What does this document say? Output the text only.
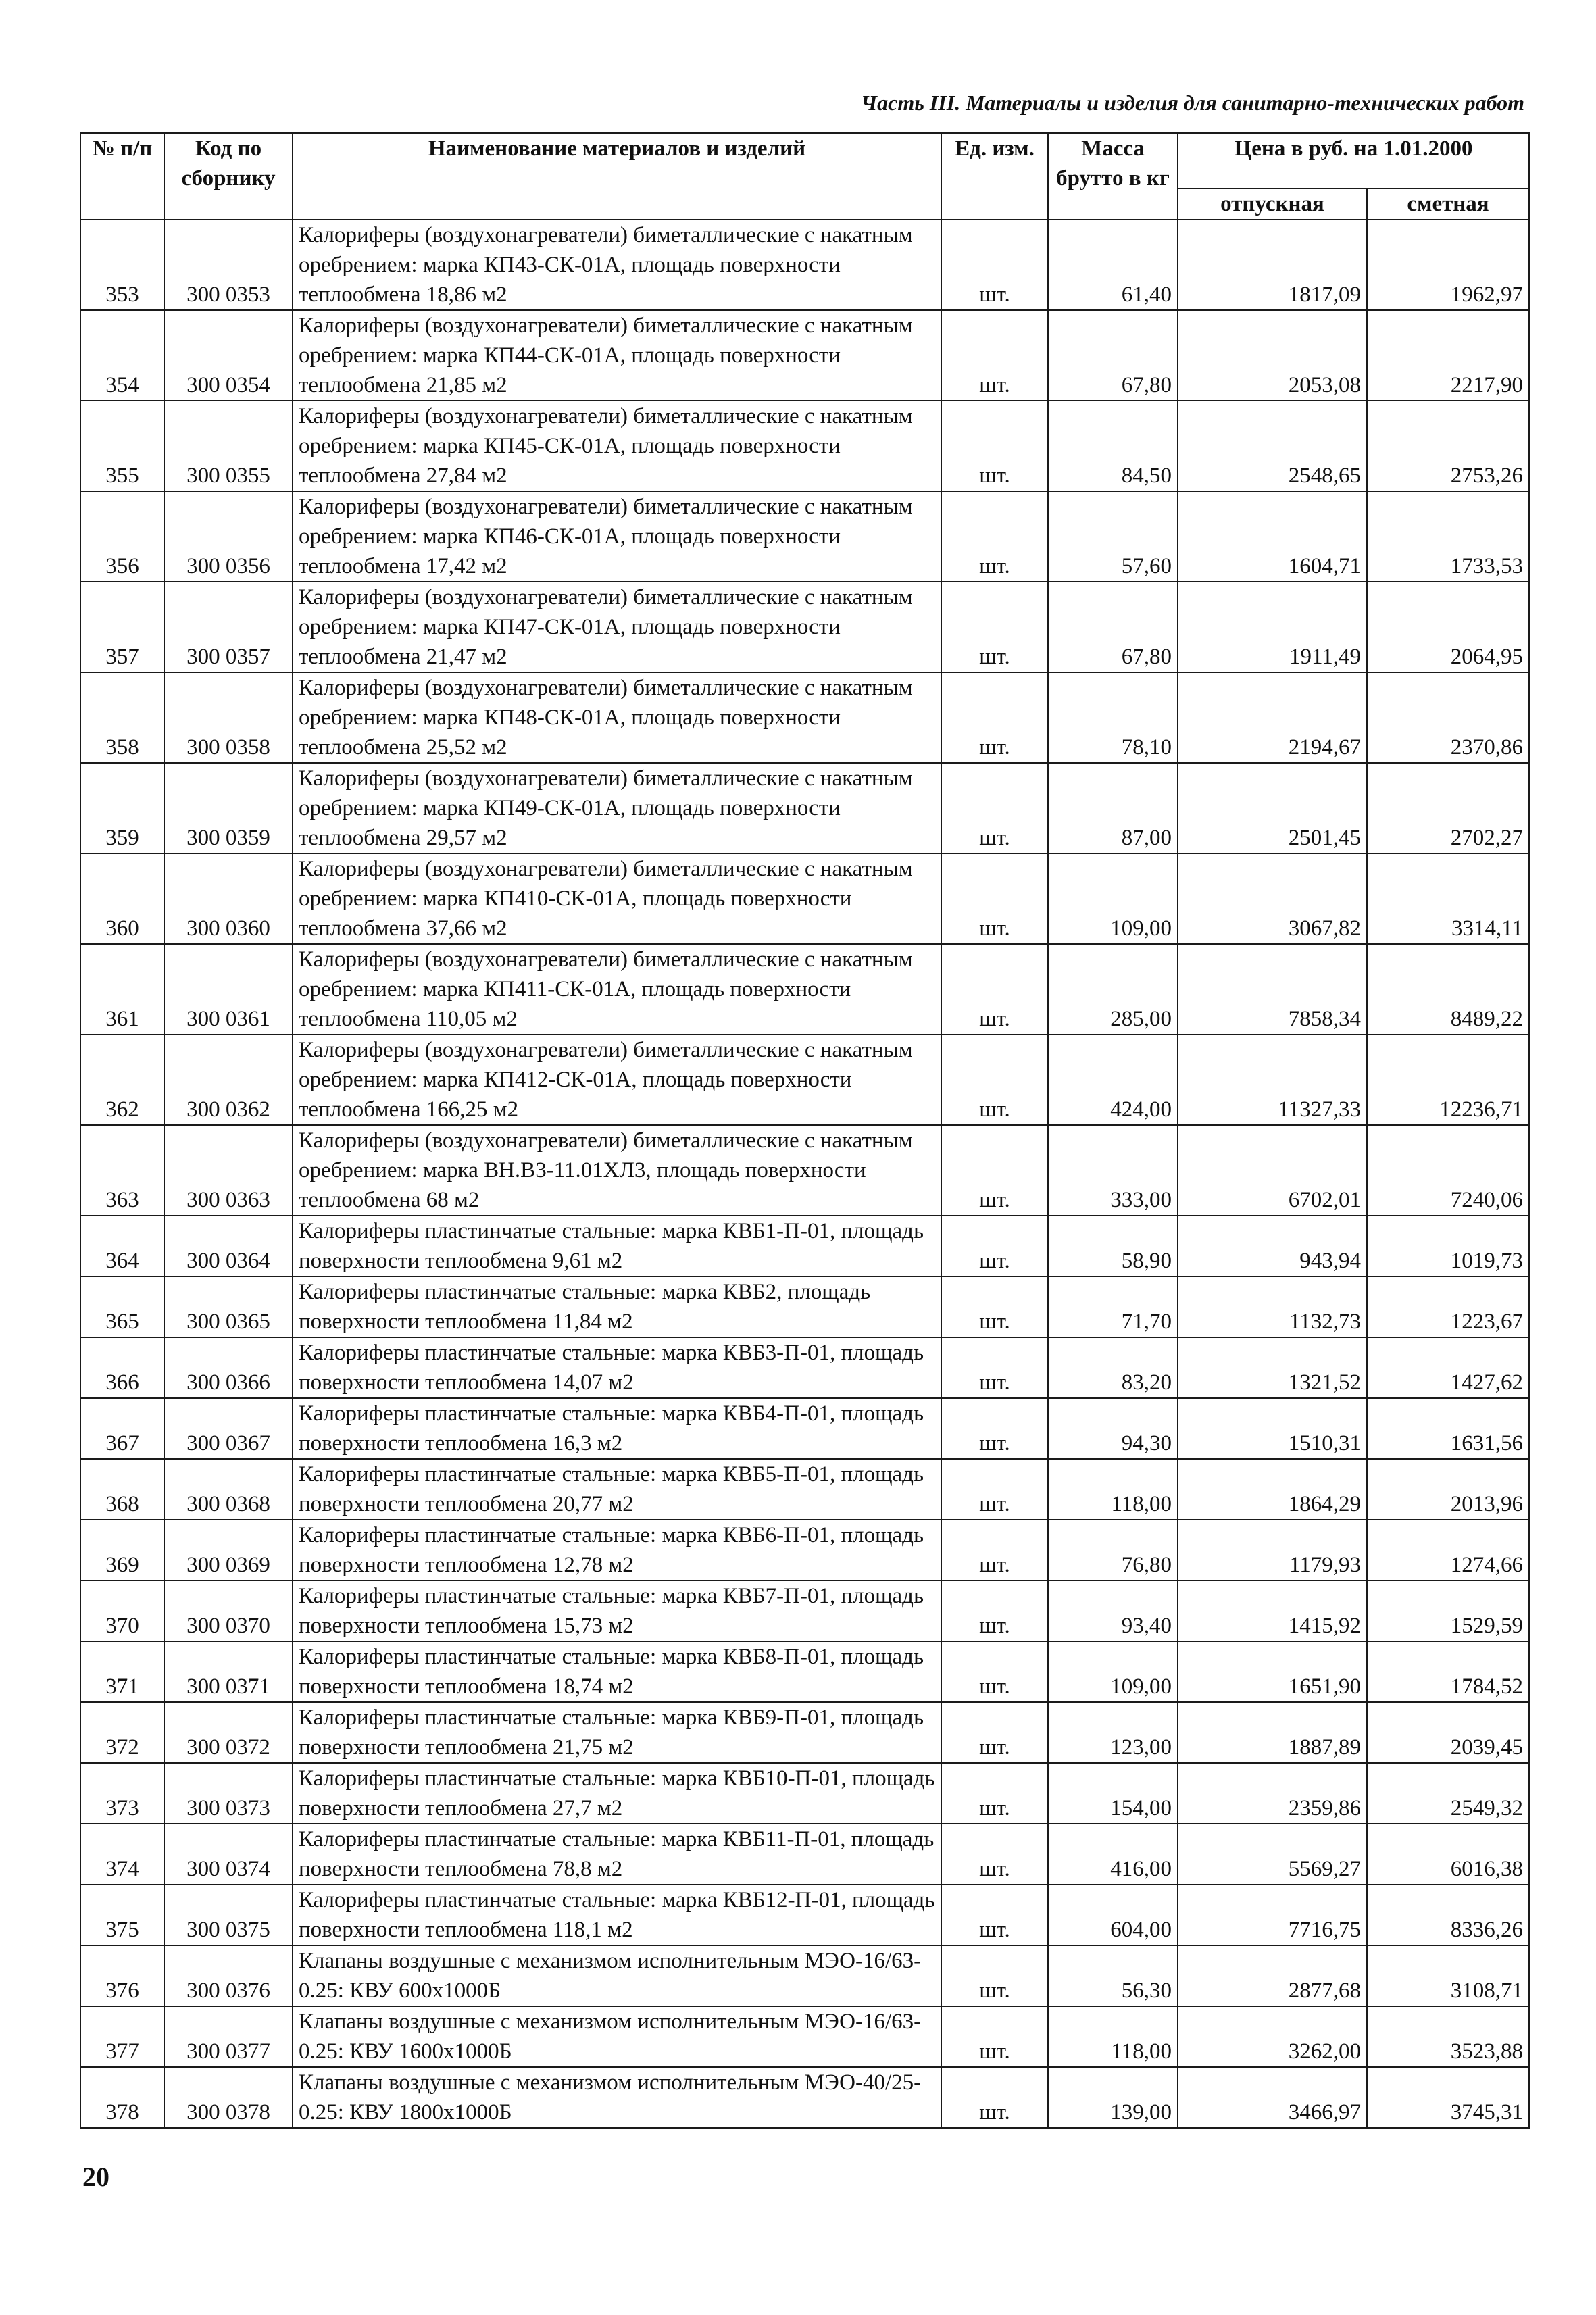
Часть III. Материалы и изделия для санитарно-технических работ
№ п/п	Код по сборнику	Наименование материалов и изделий	Ед. изм.	Масса брутто в кг	Цена в руб. на 1.01.2000	
					отпускная	сметная
353	300 0353	Калориферы (воздухонагреватели) биметаллические с накатным оребрением: марка КП43-СК-01А, площадь поверхности теплообмена 18,86 м2	шт.	61,40	1817,09	1962,97
354	300 0354	Калориферы (воздухонагреватели) биметаллические с накатным оребрением: марка КП44-СК-01А, площадь поверхности теплообмена 21,85 м2	шт.	67,80	2053,08	2217,90
355	300 0355	Калориферы (воздухонагреватели) биметаллические с накатным оребрением: марка КП45-СК-01А, площадь поверхности теплообмена 27,84 м2	шт.	84,50	2548,65	2753,26
356	300 0356	Калориферы (воздухонагреватели) биметаллические с накатным оребрением: марка КП46-СК-01А, площадь поверхности теплообмена 17,42 м2	шт.	57,60	1604,71	1733,53
357	300 0357	Калориферы (воздухонагреватели) биметаллические с накатным оребрением: марка КП47-СК-01А, площадь поверхности теплообмена 21,47 м2	шт.	67,80	1911,49	2064,95
358	300 0358	Калориферы (воздухонагреватели) биметаллические с накатным оребрением: марка КП48-СК-01А, площадь поверхности теплообмена 25,52 м2	шт.	78,10	2194,67	2370,86
359	300 0359	Калориферы (воздухонагреватели) биметаллические с накатным оребрением: марка КП49-СК-01А, площадь поверхности теплообмена 29,57 м2	шт.	87,00	2501,45	2702,27
360	300 0360	Калориферы (воздухонагреватели) биметаллические с накатным оребрением: марка КП410-СК-01А, площадь поверхности теплообмена 37,66 м2	шт.	109,00	3067,82	3314,11
361	300 0361	Калориферы (воздухонагреватели) биметаллические с накатным оребрением: марка КП411-СК-01А, площадь поверхности теплообмена 110,05 м2	шт.	285,00	7858,34	8489,22
362	300 0362	Калориферы (воздухонагреватели) биметаллические с накатным оребрением: марка КП412-СК-01А, площадь поверхности теплообмена 166,25 м2	шт.	424,00	11327,33	12236,71
363	300 0363	Калориферы (воздухонагреватели) биметаллические с накатным оребрением: марка ВН.В3-11.01ХЛ3, площадь поверхности теплообмена 68 м2	шт.	333,00	6702,01	7240,06
364	300 0364	Калориферы пластинчатые стальные: марка КВБ1-П-01, площадь поверхности теплообмена 9,61 м2	шт.	58,90	943,94	1019,73
365	300 0365	Калориферы пластинчатые стальные: марка КВБ2, площадь поверхности теплообмена 11,84 м2	шт.	71,70	1132,73	1223,67
366	300 0366	Калориферы пластинчатые стальные: марка КВБ3-П-01, площадь поверхности теплообмена 14,07 м2	шт.	83,20	1321,52	1427,62
367	300 0367	Калориферы пластинчатые стальные: марка КВБ4-П-01, площадь поверхности теплообмена 16,3 м2	шт.	94,30	1510,31	1631,56
368	300 0368	Калориферы пластинчатые стальные: марка КВБ5-П-01, площадь поверхности теплообмена 20,77 м2	шт.	118,00	1864,29	2013,96
369	300 0369	Калориферы пластинчатые стальные: марка КВБ6-П-01, площадь поверхности теплообмена 12,78 м2	шт.	76,80	1179,93	1274,66
370	300 0370	Калориферы пластинчатые стальные: марка КВБ7-П-01, площадь поверхности теплообмена 15,73 м2	шт.	93,40	1415,92	1529,59
371	300 0371	Калориферы пластинчатые стальные: марка КВБ8-П-01, площадь поверхности теплообмена 18,74 м2	шт.	109,00	1651,90	1784,52
372	300 0372	Калориферы пластинчатые стальные: марка КВБ9-П-01, площадь поверхности теплообмена 21,75 м2	шт.	123,00	1887,89	2039,45
373	300 0373	Калориферы пластинчатые стальные: марка КВБ10-П-01, площадь поверхности теплообмена 27,7 м2	шт.	154,00	2359,86	2549,32
374	300 0374	Калориферы пластинчатые стальные: марка КВБ11-П-01, площадь поверхности теплообмена 78,8 м2	шт.	416,00	5569,27	6016,38
375	300 0375	Калориферы пластинчатые стальные: марка КВБ12-П-01, площадь поверхности теплообмена 118,1 м2	шт.	604,00	7716,75	8336,26
376	300 0376	Клапаны воздушные с механизмом исполнительным МЭО-16/63-0.25: КВУ 600х1000Б	шт.	56,30	2877,68	3108,71
377	300 0377	Клапаны воздушные с механизмом исполнительным МЭО-16/63-0.25: КВУ 1600х1000Б	шт.	118,00	3262,00	3523,88
378	300 0378	Клапаны воздушные с механизмом исполнительным МЭО-40/25-0.25: КВУ 1800х1000Б	шт.	139,00	3466,97	3745,31
20
